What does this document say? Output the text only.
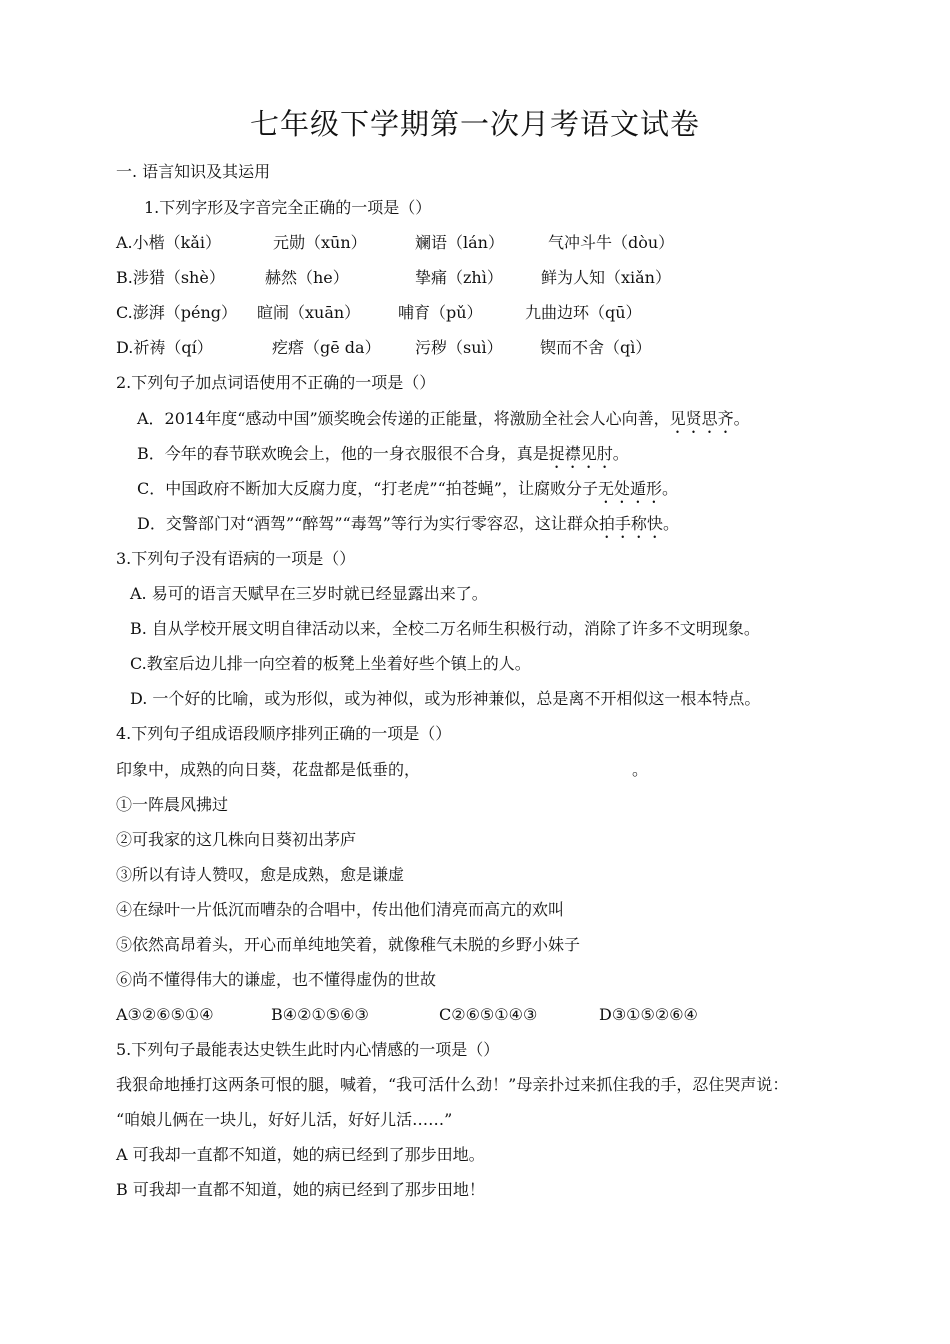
七年级下学期第一次月考语文试卷
一. 语言知识及其运用
1.下列字形及字音完全正确的一项是（）
A.小楷（kǎi）	元勋（xūn）	斓语（lán）	气冲斗牛（dòu）
B.涉猎（shè）	赫然（he）	挚痛（zhì） 鲜为人知（xiǎn）
C.澎湃（péng） 暄闹（xuān） 哺育（pǔ）	九曲边环（qū）
D.祈祷（qí）	疙瘩（gē da） 污秽（suì） 锲而不舍（qì）
2.下列句子加点词语使用不正确的一项是（）
A．2014年度“感动中国”颁奖晚会传递的正能量，将激励全社会人心向善，见贤思齐。
B．今年的春节联欢晚会上，他的一身衣服很不合身，真是捉襟见肘。
C．中国政府不断加大反腐力度，“打老虎”“拍苍蝇”，让腐败分子无处遁形。
D．交警部门对“酒驾”“醉驾”“毒驾”等行为实行零容忍，这让群众拍手称快。
3.下列句子没有语病的一项是（）
A. 易可的语言天赋早在三岁时就已经显露出来了。
B. 自从学校开展文明自律活动以来，全校二万名师生积极行动，消除了许多不文明现象。
C.教室后边儿排一向空着的板凳上坐着好些个镇上的人。
D. 一个好的比喻，或为形似，或为神似，或为形神兼似，总是离不开相似这一根本特点。
4.下列句子组成语段顺序排列正确的一项是（）
印象中，成熟的向日葵，花盘都是低垂的，	。
①一阵晨风拂过
②可我家的这几株向日葵初出茅庐
③所以有诗人赞叹，愈是成熟，愈是谦虚
④在绿叶一片低沉而嘈杂的合唱中，传出他们清亮而高亢的欢叫
⑤依然高昂着头，开心而单纯地笑着，就像稚气未脱的乡野小妹子
⑥尚不懂得伟大的谦虚，也不懂得虚伪的世故
A③②⑥⑤①④	B④②①⑤⑥③	C②⑥⑤①④③	D③①⑤②⑥④
5.下列句子最能表达史铁生此时内心情感的一项是（）
我狠命地捶打这两条可恨的腿，喊着，“我可活什么劲！”母亲扑过来抓住我的手，忍住哭声说：
“咱娘儿俩在一块儿，好好儿活，好好儿活……”
A 可我却一直都不知道，她的病已经到了那步田地。
B 可我却一直都不知道，她的病已经到了那步田地！
